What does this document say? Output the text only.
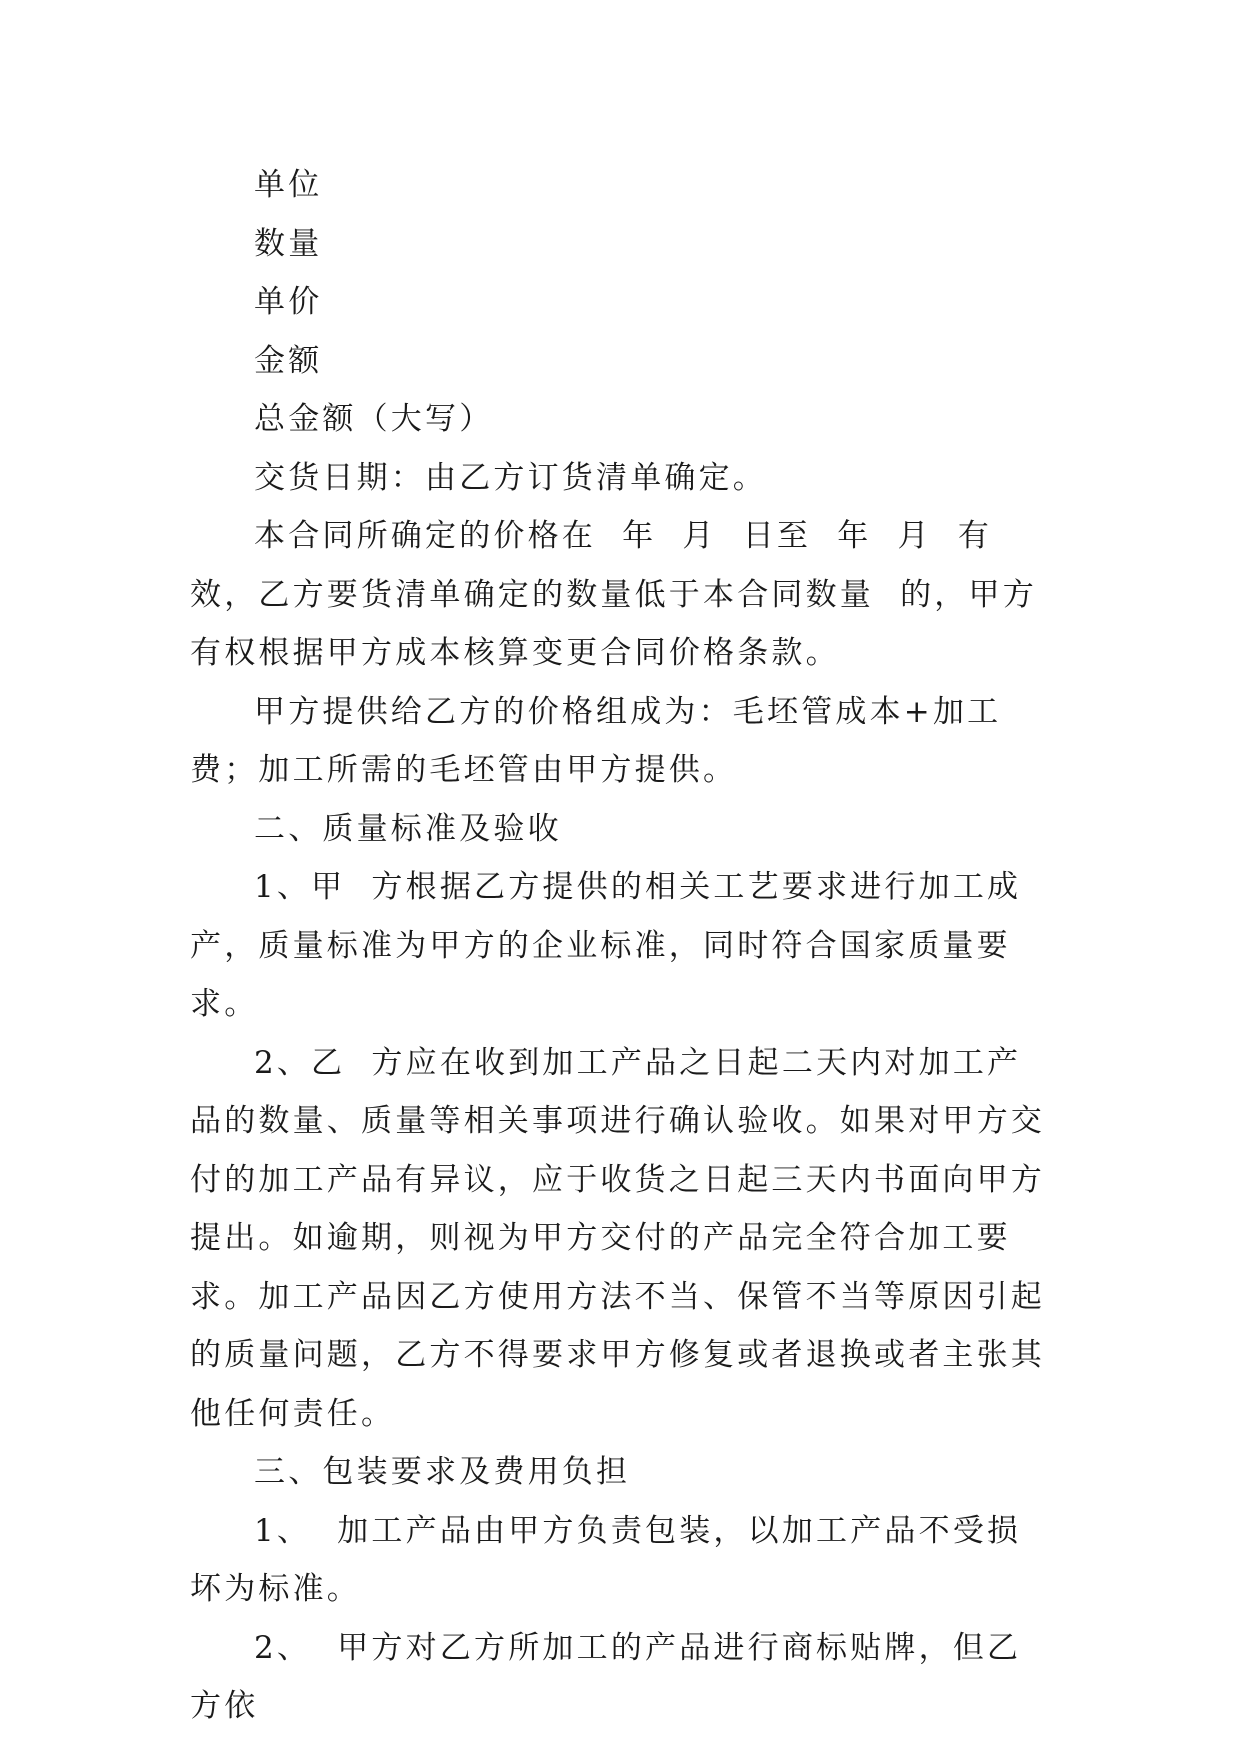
单位

数量

单价

金额

总金额（大写）

交货日期：由乙方订货清单确定。

本合同所确定的价格在  年  月  日至  年  月  有效，乙方要货清单确定的数量低于本合同数量  的，甲方有权根据甲方成本核算变更合同价格条款。

甲方提供给乙方的价格组成为：毛坯管成本+加工费；加工所需的毛坯管由甲方提供。

二、质量标准及验收

1、甲  方根据乙方提供的相关工艺要求进行加工成产，质量标准为甲方的企业标准，同时符合国家质量要求。

2、乙  方应在收到加工产品之日起二天内对加工产品的数量、质量等相关事项进行确认验收。如果对甲方交付的加工产品有异议，应于收货之日起三天内书面向甲方提出。如逾期，则视为甲方交付的产品完全符合加工要求。加工产品因乙方使用方法不当、保管不当等原因引起的质量问题，乙方不得要求甲方修复或者退换或者主张其他任何责任。

三、包装要求及费用负担

1、  加工产品由甲方负责包装，以加工产品不受损坏为标准。

2、  甲方对乙方所加工的产品进行商标贴牌，但乙方依
